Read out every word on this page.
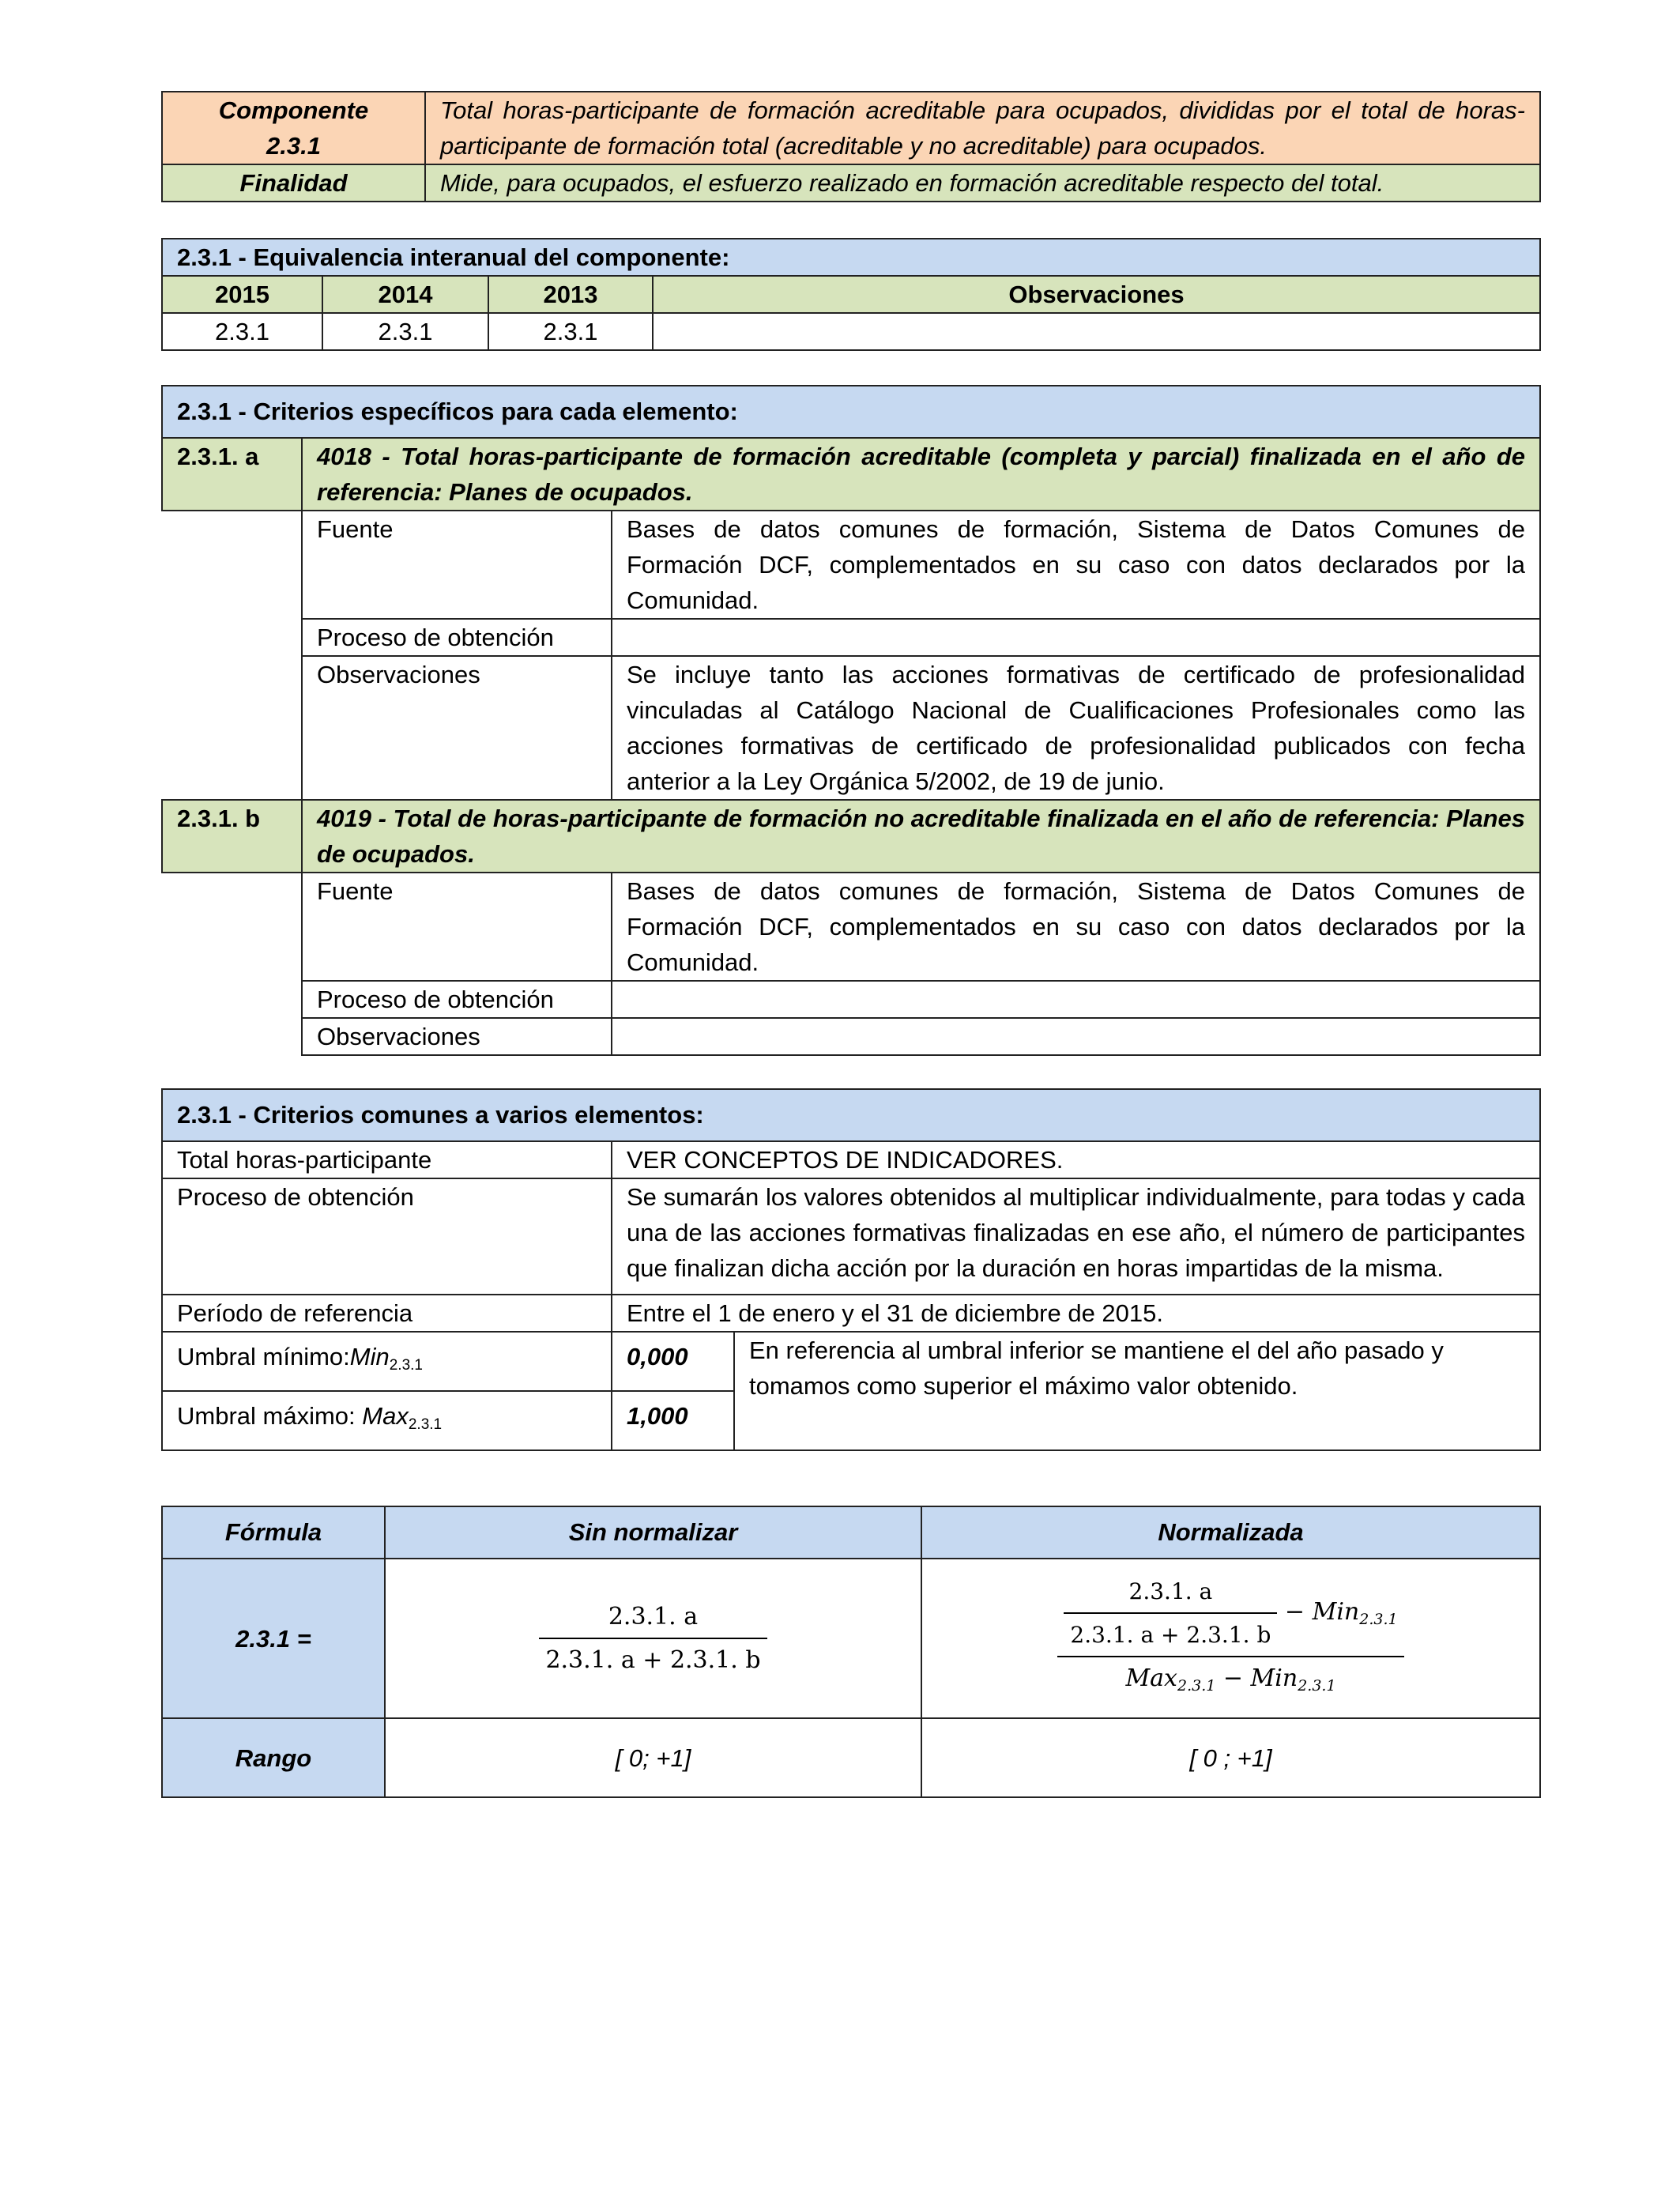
Componente 2.3.1	Total horas-participante de formación acreditable para ocupados, divididas por el total de horas-participante de formación total (acreditable y no acreditable) para ocupados.
Finalidad	Mide, para ocupados, el esfuerzo realizado en formación acreditable respecto del total.
2.3.1 - Equivalencia interanual del componente:			
2015	2014	2013	Observaciones
2.3.1	2.3.1	2.3.1	
2.3.1 - Criterios específicos para cada elemento:		
2.3.1. a	4018 - Total horas-participante de formación acreditable (completa y parcial) finalizada en el año de referencia: Planes de ocupados.	
	Fuente	Bases de datos comunes de formación, Sistema de Datos Comunes de Formación DCF, complementados en su caso con datos declarados por la Comunidad.
	Proceso de obtención	
	Observaciones	Se incluye tanto las acciones formativas de certificado de profesionalidad vinculadas al Catálogo Nacional de Cualificaciones Profesionales como las acciones formativas de certificado de profesionalidad publicados con fecha anterior a la Ley Orgánica 5/2002, de 19 de junio.
2.3.1. b	4019 - Total de horas-participante de formación no acreditable finalizada en el año de referencia: Planes de ocupados.	
	Fuente	Bases de datos comunes de formación, Sistema de Datos Comunes de Formación DCF, complementados en su caso con datos declarados por la Comunidad.
	Proceso de obtención	
	Observaciones	
2.3.1 - Criterios comunes a varios elementos:		
Total horas-participante	VER CONCEPTOS DE INDICADORES.	
Proceso de obtención	Se sumarán los valores obtenidos al multiplicar individualmente, para todas y cada una de las acciones formativas finalizadas en ese año, el número de participantes que finalizan dicha acción por la duración en horas impartidas de la misma.	
Período de referencia	Entre el 1 de enero y el 31 de diciembre de 2015.	
Umbral mínimo:Min$_{2.3.1}$	0,000	En referencia al umbral inferior se mantiene el del año pasado y tomamos como superior el máximo valor obtenido.
Umbral máximo: Max$_{2.3.1}$	1,000	
Fórmula	Sin normalizar	Normalizada
2.3.1 =	$\frac{2.3.1. a}{2.3.1. a + 2.3.1. b}$	$\frac{2.3.1. a}{2.3.1. a + 2.3.1. b} - Min_{2.3.1}$
Max$_{2.3.1}$ − Min$_{2.3.1}$

Rango	[ 0; +1]	[ 0 ; +1]
